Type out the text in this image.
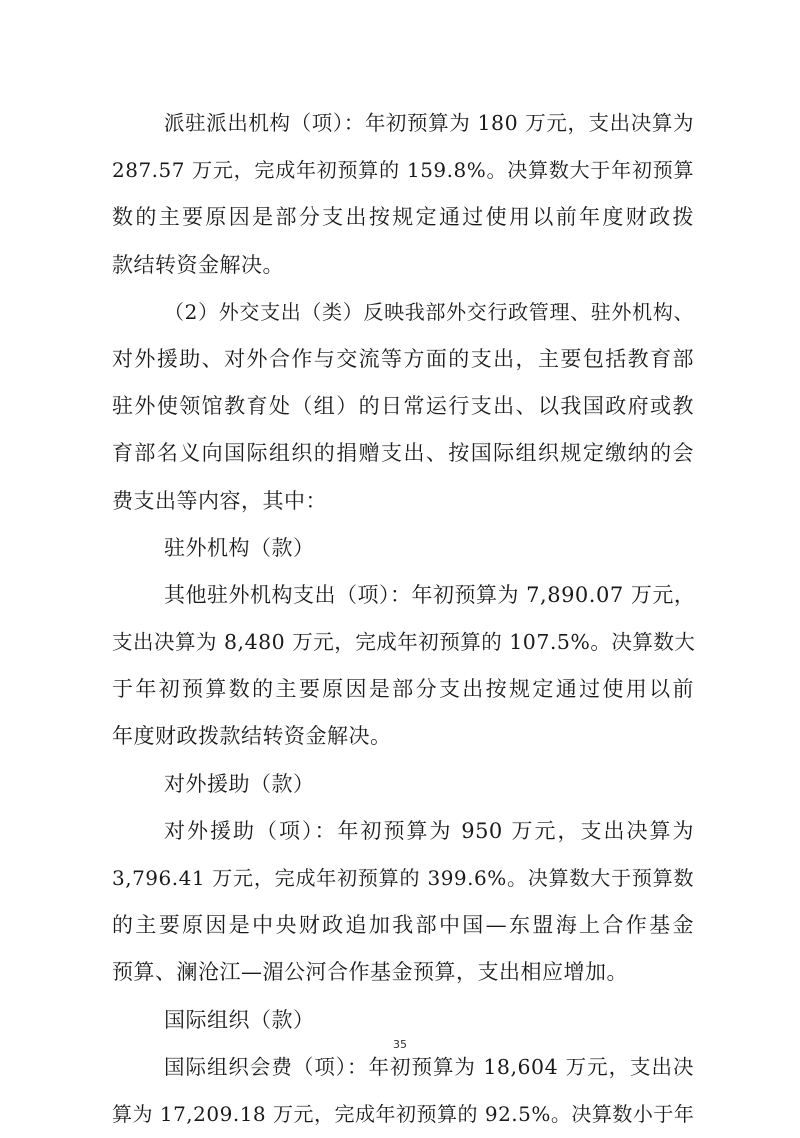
派驻派出机构（项）：年初预算为 180 万元，支出决算为
287.57 万元，完成年初预算的 159.8%。决算数大于年初预算
数的主要原因是部分支出按规定通过使用以前年度财政拨
款结转资金解决。
（2）外交支出（类）反映我部外交行政管理、驻外机构、
对外援助、对外合作与交流等方面的支出，主要包括教育部
驻外使领馆教育处（组）的日常运行支出、以我国政府或教
育部名义向国际组织的捐赠支出、按国际组织规定缴纳的会
费支出等内容，其中：
驻外机构（款）
其他驻外机构支出（项）：年初预算为 7,890.07 万元，
支出决算为 8,480 万元，完成年初预算的 107.5%。决算数大
于年初预算数的主要原因是部分支出按规定通过使用以前
年度财政拨款结转资金解决。
对外援助（款）
对外援助（项）：年初预算为 950 万元，支出决算为
3,796.41 万元，完成年初预算的 399.6%。决算数大于预算数
的主要原因是中央财政追加我部中国—东盟海上合作基金
预算、澜沧江—湄公河合作基金预算，支出相应增加。
国际组织（款）
国际组织会费（项）：年初预算为 18,604 万元，支出决
算为 17,209.18 万元，完成年初预算的 92.5%。决算数小于年
35
